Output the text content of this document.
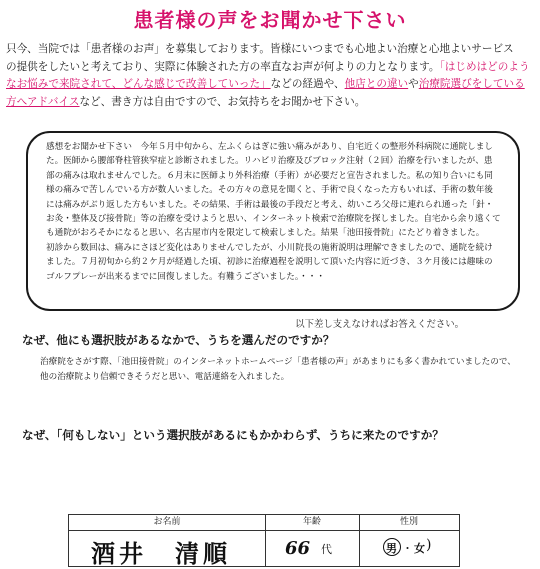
患者様の声をお聞かせ下さい
只今、当院では「患者様のお声」を募集しております。皆様にいつまでも心地よい治療と心地よいサービス
の提供をしたいと考えており、実際に体験された方の率直なお声が何よりの力となります。「はじめはどのようなお悩みで来院されて、どんな感じで改善していった」などの経過や、他店との違いや治療院選びをしている方へアドバイスなど、書き方は自由ですので、お気持ちをお聞かせ下さい。

感想をお聞かせ下さい　今年５月中旬から、左ふくらはぎに強い痛みがあり、自宅近くの整形外科病院に通院しました。医師から腰部脊柱管狭窄症と診断されました。リハビリ治療及びブロック注射（２回）治療を行いましたが、患部の痛みは取れませんでした。６月末に医師より外科治療（手術）が必要だと宣告されました。私の知り合いにも同様の痛みで苦しんでいる方が数人いました。その方々の意見を聞くと、手術で良くなった方もいれば、手術の数年後には痛みがぶり返した方もいました。その結果、手術は最後の手段だと考え、幼いころ父母に連れられ通った「針・お灸・整体及び接骨院」等の治療を受けようと思い、インターネット検索で治療院を探しました。自宅から余り遠くても通院がおろそかになると思い、名古屋市内を限定して検索しました。結果「池田接骨院」にたどり着きました。

初診から数回は、痛みにさほど変化はありませんでしたが、小川院長の施術説明は理解できましたので、通院を続けました。７月初旬から約２ケ月が経過した頃、初診に治療過程を説明して頂いた内容に近づき、３ケ月後には趣味のゴルフプレーが出来るまでに回復しました。有難うございました。・・・

以下差し支えなければお答えください。
なぜ、他にも選択肢があるなかで、うちを選んだのですか？
治療院をさがす際、「池田接骨院」のインターネットホームページ「患者様の声」があまりにも多く書かれていましたので、他の治療院より信頼できそうだと思い、電話連絡を入れました。
なぜ、「何もしない」という選択肢があるにもかかわらず、うちに来たのですか？
お名前	年齢	性別
酒井　清順	66 代	男 ・ 女 )
